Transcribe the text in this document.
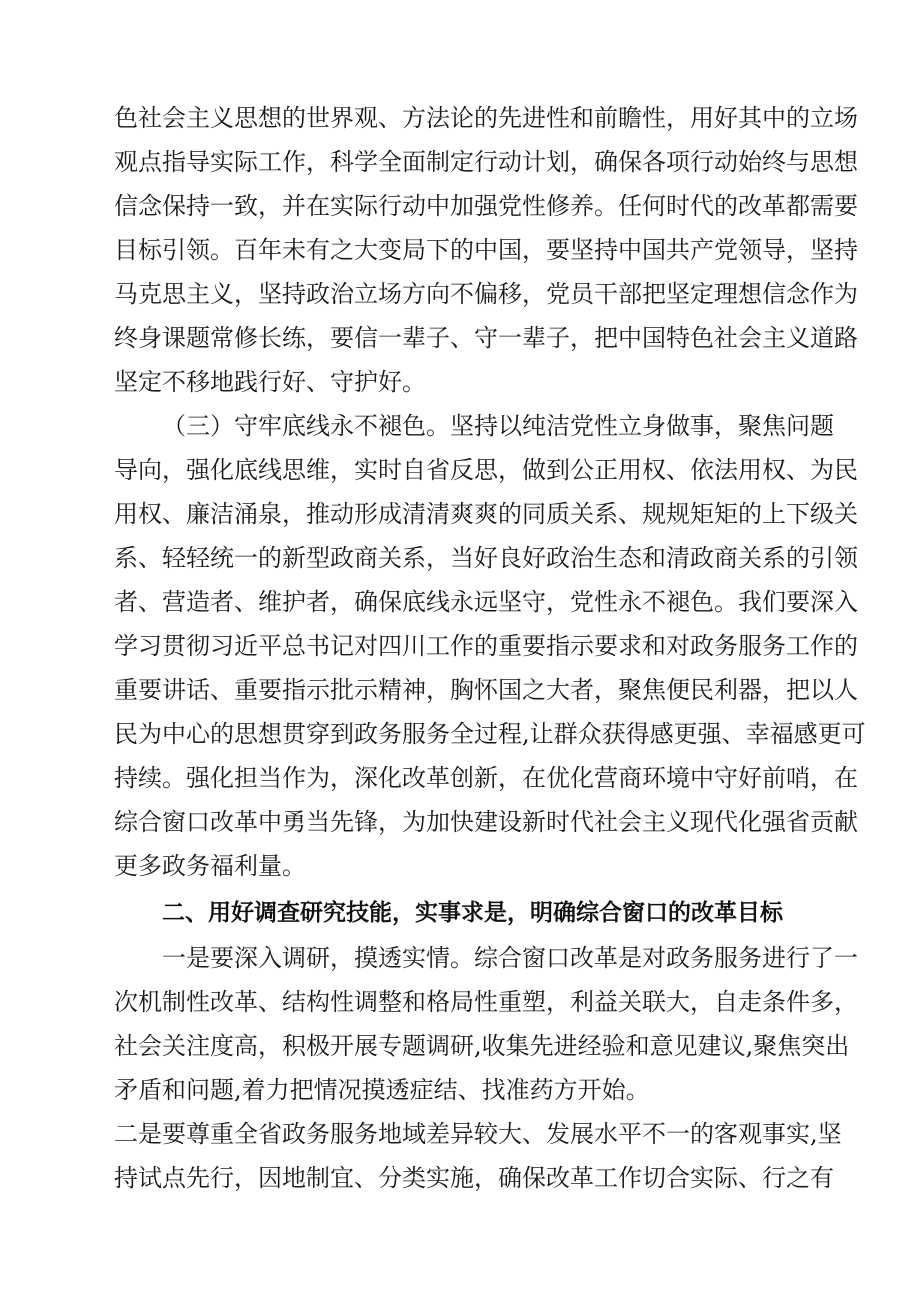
色社会主义思想的世界观、方法论的先进性和前瞻性，用好其中的立场
观点指导实际工作，科学全面制定行动计划，确保各项行动始终与思想
信念保持一致，并在实际行动中加强党性修养。任何时代的改革都需要
目标引领。百年未有之大变局下的中国，要坚持中国共产党领导，坚持
马克思主义，坚持政治立场方向不偏移，党员干部把坚定理想信念作为
终身课题常修长练，要信一辈子、守一辈子，把中国特色社会主义道路
坚定不移地践行好、守护好。
（三）守牢底线永不褪色。坚持以纯洁党性立身做事，聚焦问题
导向，强化底线思维，实时自省反思，做到公正用权、依法用权、为民
用权、廉洁涌泉，推动形成清清爽爽的同质关系、规规矩矩的上下级关
系、轻轻统一的新型政商关系，当好良好政治生态和清政商关系的引领
者、营造者、维护者，确保底线永远坚守，党性永不褪色。我们要深入
学习贯彻习近平总书记对四川工作的重要指示要求和对政务服务工作的
重要讲话、重要指示批示精神，胸怀国之大者，聚焦便民利器，把以人
民为中心的思想贯穿到政务服务全过程,让群众获得感更强、幸福感更可
持续。强化担当作为，深化改革创新，在优化营商环境中守好前哨，在
综合窗口改革中勇当先锋，为加快建设新时代社会主义现代化强省贡献
更多政务福利量。
二、用好调查研究技能，实事求是，明确综合窗口的改革目标
一是要深入调研，摸透实情。综合窗口改革是对政务服务进行了一
次机制性改革、结构性调整和格局性重塑，利益关联大，自走条件多，
社会关注度高，积极开展专题调研,收集先进经验和意见建议,聚焦突出
矛盾和问题,着力把情况摸透症结、找准药方开始。
二是要尊重全省政务服务地域差异较大、发展水平不一的客观事实,坚
持试点先行，因地制宜、分类实施，确保改革工作切合实际、行之有
